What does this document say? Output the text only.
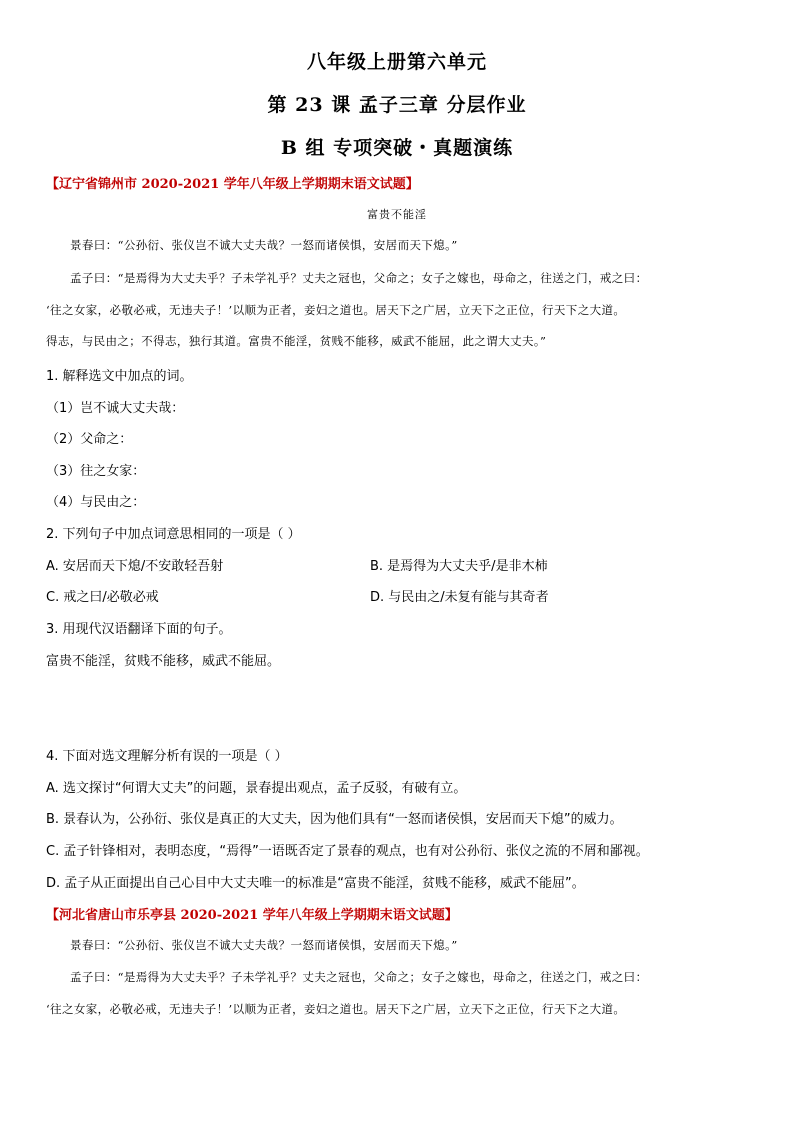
八年级上册第六单元
第 23 课 孟子三章 分层作业
B 组 专项突破・真题演练
【辽宁省锦州市 2020-2021 学年八年级上学期期末语文试题】
富贵不能淫
景春曰：“公孙衍、张仪岂不诚大丈夫哉？一怒而诸侯惧，安居而天下熄。”
孟子曰：“是焉得为大丈夫乎？子未学礼乎？丈夫之冠也，父命之；女子之嫁也，母命之，往送之门，戒之曰：
‘往之女家，必敬必戒，无违夫子！’以顺为正者，妾妇之道也。居天下之广居，立天下之正位，行天下之大道。
得志，与民由之；不得志，独行其道。富贵不能淫，贫贱不能移，威武不能屈，此之谓大丈夫。”
1. 解释选文中加点的词。
（1）岂不诚大丈夫哉：
（2）父命之：
（3）往之女家：
（4）与民由之：
2. 下列句子中加点词意思相同的一项是（ ）
A. 安居而天下熄/不安敢轻吾射	B. 是焉得为大丈夫乎/是非木柿
C. 戒之曰/必敬必戒	D. 与民由之/未复有能与其奇者
3. 用现代汉语翻译下面的句子。
富贵不能淫，贫贱不能移，威武不能屈。
4. 下面对选文理解分析有误的一项是（ ）
A. 选文探讨“何谓大丈夫”的问题，景春提出观点，孟子反驳，有破有立。
B. 景春认为，公孙衍、张仪是真正的大丈夫，因为他们具有“一怒而诸侯惧，安居而天下熄”的威力。
C. 孟子针锋相对，表明态度，“焉得”一语既否定了景春的观点，也有对公孙衍、张仪之流的不屑和鄙视。
D. 孟子从正面提出自己心目中大丈夫唯一的标准是“富贵不能淫，贫贱不能移，威武不能屈”。
【河北省唐山市乐亭县 2020-2021 学年八年级上学期期末语文试题】
景春曰：“公孙衍、张仪岂不诚大丈夫哉？一怒而诸侯惧，安居而天下熄。”
孟子曰：“是焉得为大丈夫乎？子未学礼乎？丈夫之冠也，父命之；女子之嫁也，母命之，往送之门，戒之曰：
‘往之女家，必敬必戒，无违夫子！’以顺为正者，妾妇之道也。居天下之广居，立天下之正位，行天下之大道。
